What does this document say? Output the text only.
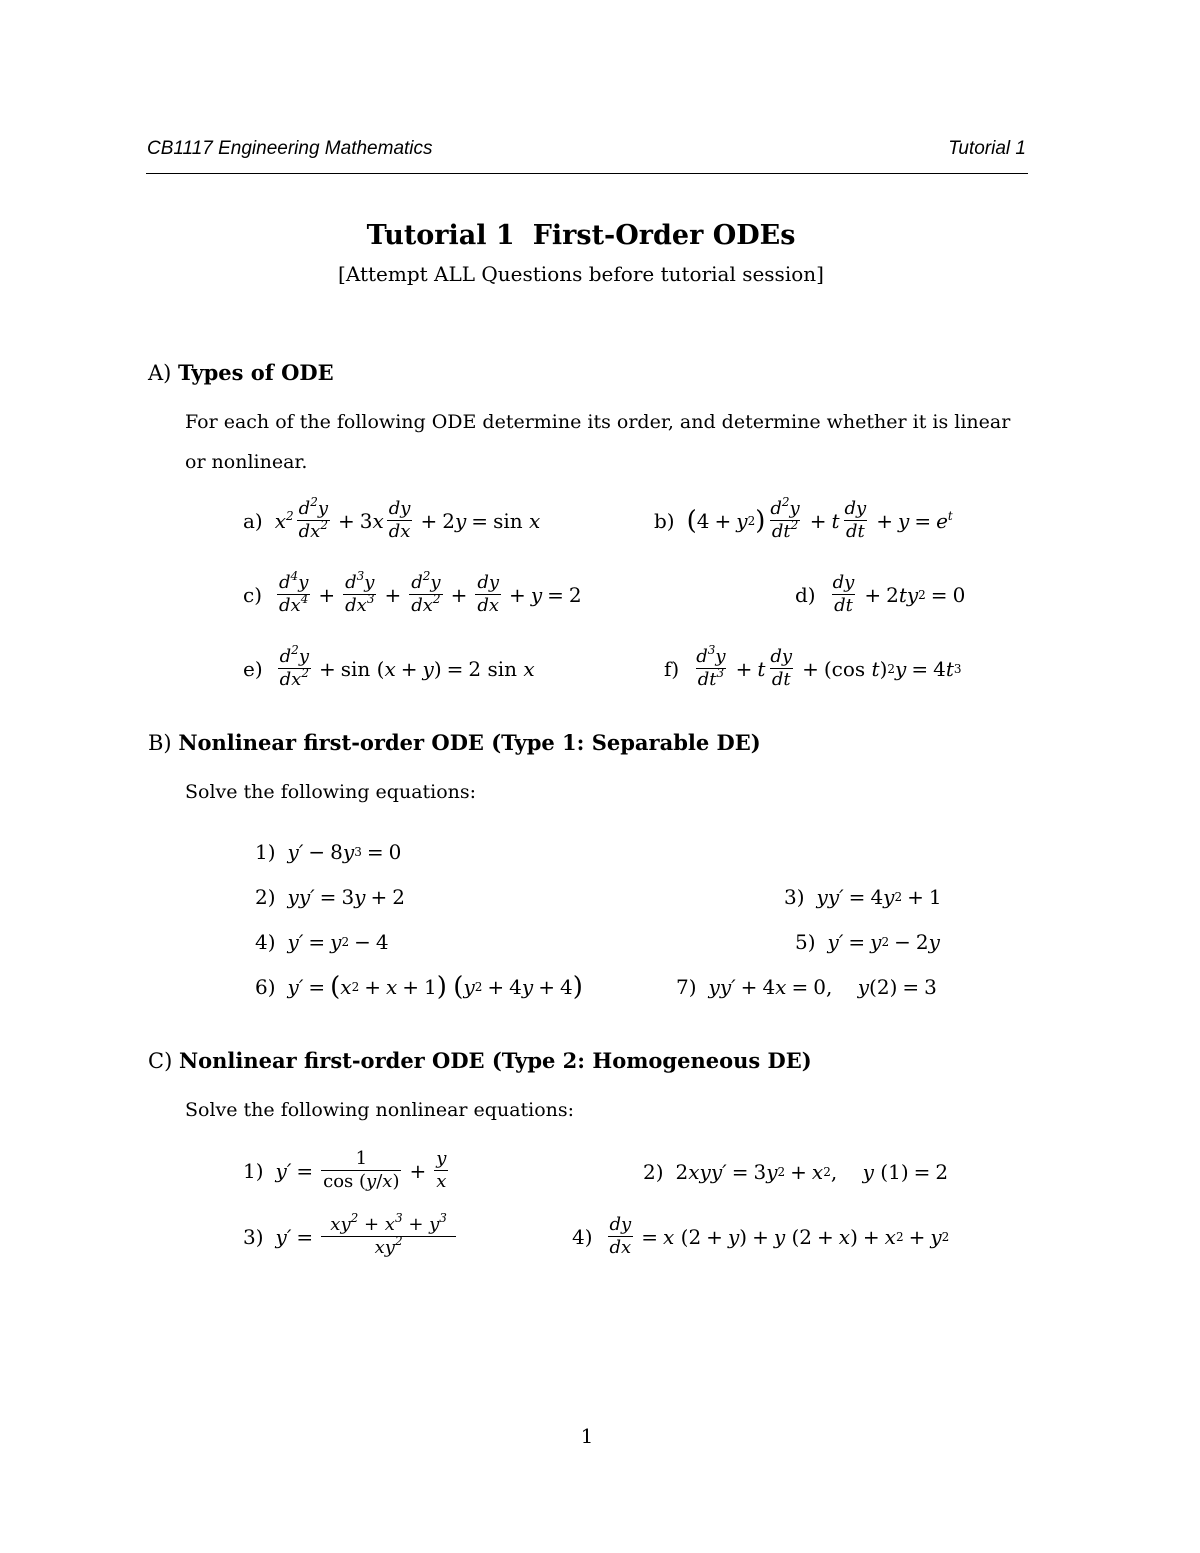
CB1117 Engineering Mathematics	Tutorial 1
Tutorial 1 First-Order ODEs
[Attempt ALL Questions before tutorial session]
A) Types of ODE
For each of the following ODE determine its order, and determine whether it is linear or nonlinear.
a) $x^2 \frac{d^2y}{dx^2} + 3$ x $\frac{dy}{dx} + 2$ y = sin x	b) ( 4 + y 2 ) $\frac{d^2y}{dt^2} + t \frac{dy}{dt} + y = e^t$
$c) \frac{d^4y}{dx^4} + \frac{d^3y}{dx^3} + \frac{d^2y}{dx^2} + \frac{dy}{dx} + y = 2$	$d) \frac{dy}{dt} + 2$ ty 2 = 0
$e) \frac{d^2y}{dx^2} + \sin$ ( x + y ) = 2 sin x	$f) \frac{d^3y}{dt^3} + t \frac{dy}{dt} + (\cos$ t ) 2 y = 4 t 3
B) Nonlinear first-order ODE (Type 1: Separable DE)
Solve the following equations:
1) y′ − 8 y 3 = 0
2) yy′ = 3 y + 2	3) yy′ = 4 y 2 + 1
4) y′ = y 2 − 4	5) y′ = y 2 − 2 y
6) y′ = ( x 2 + x + 1 )
( y 2 + 4 y + 4 )	7) yy′ + 4 x = 0, y (2) = 3
C) Nonlinear first-order ODE (Type 2: Homogeneous DE)
Solve the following nonlinear equations:
1) $y' = \frac{1}{\cos (y/x)} + \frac{y}{x}$	2) 2 xyy′ = 3 y 2 + x 2 , y (1) = 2
3) $y' = \frac{xy^2 + x^3 + y^3}{xy^2}$	$4) \frac{dy}{dx} = x$ (2 + y ) + y (2 + x ) + x 2 + y 2
1
